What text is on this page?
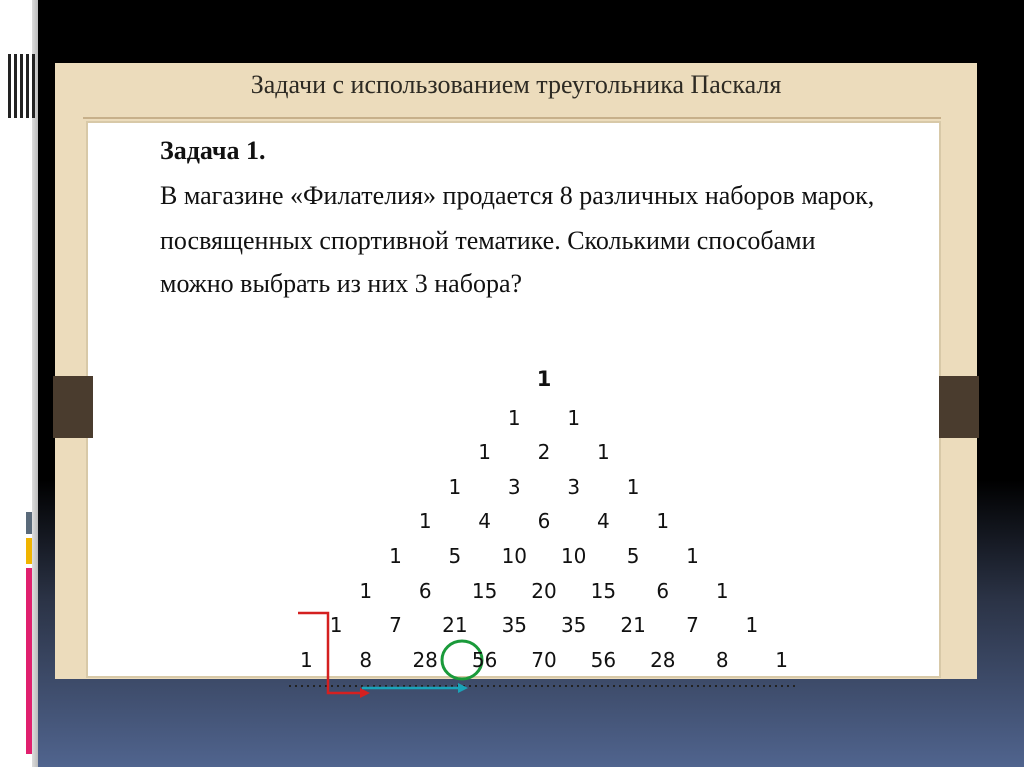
Задачи с использованием треугольника Паскаля
Задача 1.
В магазине «Филателия» продается 8 различных наборов марок,
посвященных спортивной тематике. Сколькими способами
можно выбрать из них 3 набора?
1
1 1
1 2 1
1 3 3 1
1 4 6 4 1
1 5 10 10 5 1
1 6 15 20 15 6 1
1 7 21 35 35 21 7 1
1 8 28 56 70 56 28 8 1
